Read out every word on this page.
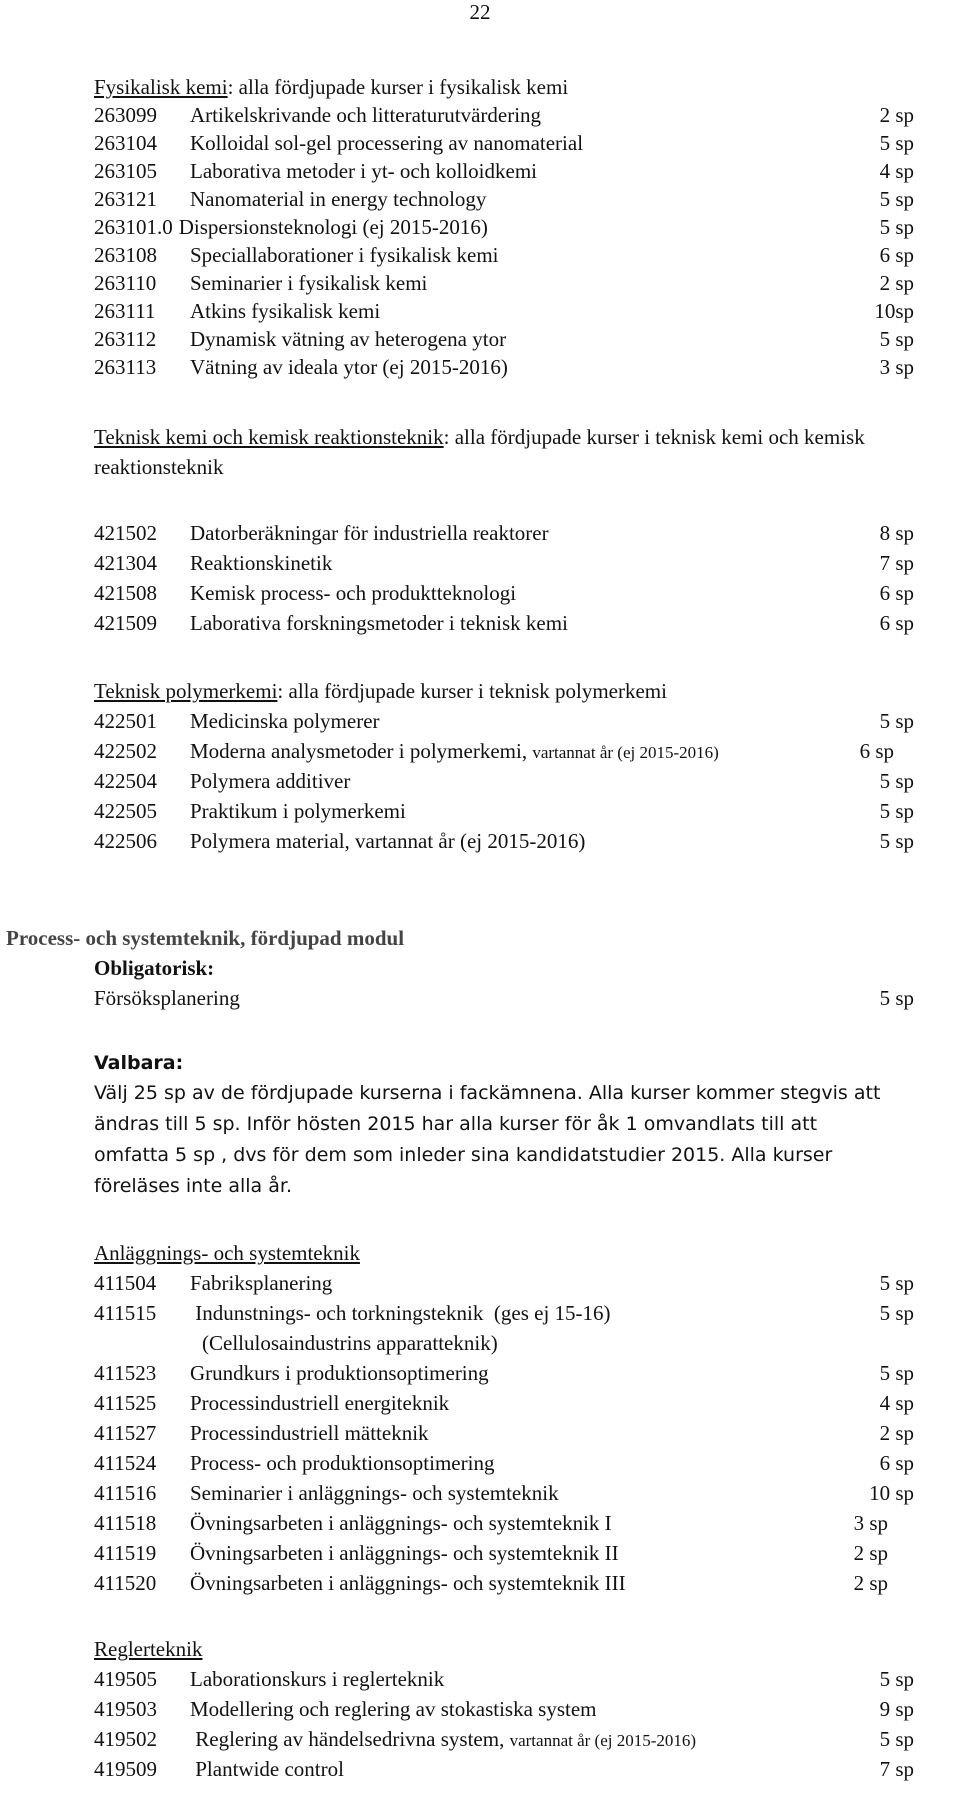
22
Fysikalisk kemi: alla fördjupade kurser i fysikalisk kemi
263099 Artikelskrivande och litteraturutvärdering	2 sp
263104 Kolloidal sol-gel processering av nanomaterial	5 sp
263105 Laborativa metoder i yt- och kolloidkemi	4 sp
263121 Nanomaterial in energy technology	5 sp
263101.0 Dispersionsteknologi (ej 2015-2016)	5 sp
263108 Speciallaborationer i fysikalisk kemi	6 sp
263110 Seminarier i fysikalisk kemi	2 sp
263111 Atkins fysikalisk kemi	10sp
263112 Dynamisk vätning av heterogena ytor	5 sp
263113 Vätning av ideala ytor (ej 2015-2016)	3 sp
Teknisk kemi och kemisk reaktionsteknik: alla fördjupade kurser i teknisk kemi och kemisk reaktionsteknik
421502 Datorberäkningar för industriella reaktorer	8 sp
421304 Reaktionskinetik	7 sp
421508 Kemisk process- och produktteknologi	6 sp
421509 Laborativa forskningsmetoder i teknisk kemi	6 sp
Teknisk polymerkemi: alla fördjupade kurser i teknisk polymerkemi
422501 Medicinska polymerer	5 sp
422502 Moderna analysmetoder i polymerkemi, vartannat år (ej 2015-2016)	6 sp
422504 Polymera additiver	5 sp
422505 Praktikum i polymerkemi	5 sp
422506 Polymera material, vartannat år (ej 2015-2016)	5 sp
Process- och systemteknik, fördjupad modul
Obligatorisk:
Försöksplanering	5 sp
Valbara:
Välj 25 sp av de fördjupade kurserna i fackämnena. Alla kurser kommer stegvis att ändras till 5 sp. Inför hösten 2015 har alla kurser för åk 1 omvandlats till att omfatta 5 sp , dvs för dem som inleder sina kandidatstudier 2015. Alla kurser föreläses inte alla år.
Anläggnings- och systemteknik
411504 Fabriksplanering	5 sp
411515 Indunstnings- och torkningsteknik  (ges ej 15-16)	5 sp
(Cellulosaindustrins apparatteknik)
411523 Grundkurs i produktionsoptimering	5 sp
411525 Processindustriell energiteknik	4 sp
411527 Processindustriell mätteknik	2 sp
411524 Process- och produktionsoptimering	6 sp
411516 Seminarier i anläggnings- och systemteknik	10 sp
411518 Övningsarbeten i anläggnings- och systemteknik I	3 sp
411519 Övningsarbeten i anläggnings- och systemteknik II	2 sp
411520 Övningsarbeten i anläggnings- och systemteknik III	2 sp
Reglerteknik
419505 Laborationskurs i reglerteknik	5 sp
419503 Modellering och reglering av stokastiska system	9 sp
419502 Reglering av händelsedrivna system, vartannat år (ej 2015-2016)	5 sp
419509 Plantwide control	7 sp
